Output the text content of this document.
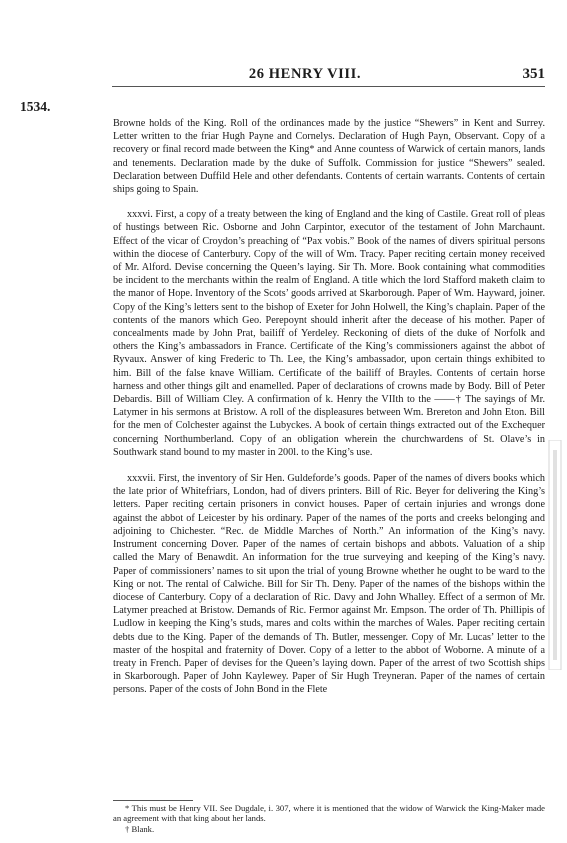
26 HENRY VIII.	351
1534.

Browne holds of the King. Roll of the ordinances made by the justice “Shewers” in Kent and Surrey. Letter written to the friar Hugh Payne and Cornelys. Declaration of Hugh Payn, Observant. Copy of a recovery or final record made between the King* and Anne countess of Warwick of certain manors, lands and tenements. Declaration made by the duke of Suffolk. Commission for justice “Shewers” sealed. Declaration between Duffild Hele and other defendants. Contents of certain warrants. Contents of certain ships going to Spain.

xxxvi. First, a copy of a treaty between the king of England and the king of Castile. Great roll of pleas of hustings between Ric. Osborne and John Carpintor, executor of the testament of John Marchaunt. Effect of the vicar of Croydon’s preaching of “Pax vobis.” Book of the names of divers spiritual persons within the diocese of Canterbury. Copy of the will of Wm. Tracy. Paper reciting certain money received of Mr. Alford. Devise concerning the Queen’s laying. Sir Th. More. Book containing what commodities be incident to the merchants within the realm of England. A title which the lord Stafford maketh claim to the manor of Hope. Inventory of the Scots’ goods arrived at Skarborough. Paper of Wm. Hayward, joiner. Copy of the King’s letters sent to the bishop of Exeter for John Holwell, the King’s chaplain. Paper of the contents of the manors which Geo. Perepoynt should inherit after the decease of his mother. Paper of concealments made by John Prat, bailiff of Yerdeley. Reckoning of diets of the duke of Norfolk and others the King’s ambassadors in France. Certificate of the King’s commissioners against the abbot of Ryvaux. Answer of king Frederic to Th. Lee, the King’s ambassador, upon certain things exhibited to him. Bill of the false knave William. Certificate of the bailiff of Brayles. Contents of certain horse harness and other things gilt and enamelled. Paper of declarations of crowns made by Body. Bill of Peter Debardis. Bill of William Cley. A confirmation of k. Henry the VIIth to the ——† The sayings of Mr. Latymer in his sermons at Bristow. A roll of the displeasures between Wm. Brereton and John Eton. Bill for the men of Colchester against the Lubyckes. A book of certain things extracted out of the Exchequer concerning Northumberland. Copy of an obligation wherein the churchwardens of St. Olave’s in Southwark stand bound to my master in 200l. to the King’s use.

xxxvii. First, the inventory of Sir Hen. Guldeforde’s goods. Paper of the names of divers books which the late prior of Whitefriars, London, had of divers printers. Bill of Ric. Beyer for delivering the King’s letters. Paper reciting certain prisoners in convict houses. Paper of certain injuries and wrongs done against the abbot of Leicester by his ordinary. Paper of the names of the ports and creeks belonging and adjoining to Chichester. “Rec. de Middle Marches of North.” An information of the King’s navy. Instrument concerning Dover. Paper of the names of certain bishops and abbots. Valuation of a ship called the Mary of Benawdit. An information for the true surveying and keeping of the King’s navy. Paper of commissioners’ names to sit upon the trial of young Browne whether he ought to be ward to the King or not. The rental of Calwiche. Bill for Sir Th. Deny. Paper of the names of the bishops within the diocese of Canterbury. Copy of a declaration of Ric. Davy and John Whalley. Effect of a sermon of Mr. Latymer preached at Bristow. Demands of Ric. Fermor against Mr. Empson. The order of Th. Phillipis of Ludlow in keeping the King’s studs, mares and colts within the marches of Wales. Paper reciting certain debts due to the King. Paper of the demands of Th. Butler, messenger. Copy of Mr. Lucas’ letter to the master of the hospital and fraternity of Dover. Copy of a letter to the abbot of Woborne. A minute of a treaty in French. Paper of devises for the Queen’s laying down. Paper of the arrest of two Scottish ships in Skarborough. Paper of John Kaylewey. Paper of Sir Hugh Treyneran. Paper of the names of certain persons. Paper of the costs of John Bond in the Flete

* This must be Henry VII. See Dugdale, i. 307, where it is mentioned that the widow of Warwick the King-Maker made an agreement with that king about her lands.

† Blank.
